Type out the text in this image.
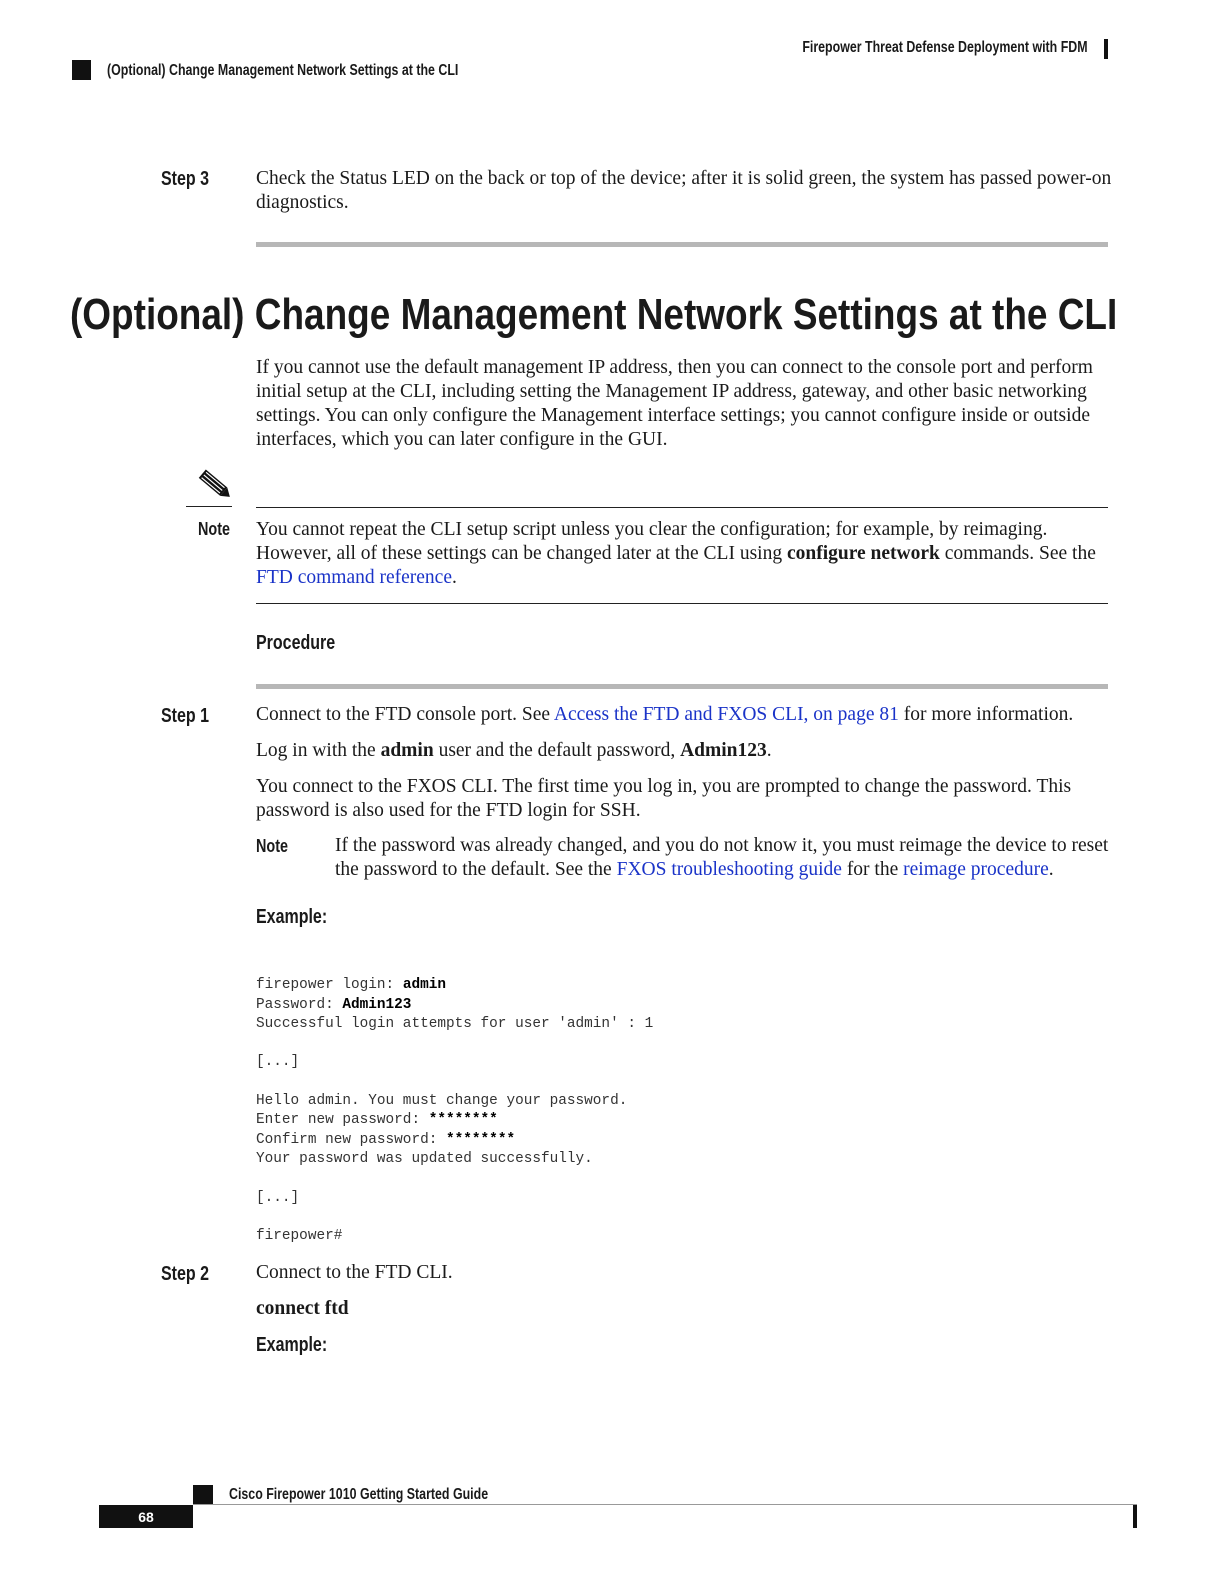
Firepower Threat Defense Deployment with FDM
(Optional) Change Management Network Settings at the CLI
Step 3 Check the Status LED on the back or top of the device; after it is solid green, the system has passed power-on diagnostics.

(Optional) Change Management Network Settings at the CLI

If you cannot use the default management IP address, then you can connect to the console port and perform initial setup at the CLI, including setting the Management IP address, gateway, and other basic networking settings. You can only configure the Management interface settings; you cannot configure inside or outside interfaces, which you can later configure in the GUI.

Note You cannot repeat the CLI setup script unless you clear the configuration; for example, by reimaging. However, all of these settings can be changed later at the CLI using configure network commands. See the FTD command reference.

Procedure
Step 1 Connect to the FTD console port. See Access the FTD and FXOS CLI, on page 81 for more information.

Log in with the admin user and the default password, Admin123.

You connect to the FXOS CLI. The first time you log in, you are prompted to change the password. This password is also used for the FTD login for SSH.

Note If the password was already changed, and you do not know it, you must reimage the device to reset the password to the default. See the FXOS troubleshooting guide for the reimage procedure.

Example:

firepower login: admin
Password: Admin123
Successful login attempts for user 'admin' : 1

[...]

Hello admin. You must change your password.
Enter new password: ********
Confirm new password: ********
Your password was updated successfully.

[...]

firepower#

Step 2 Connect to the FTD CLI.

connect ftd

Example:
Cisco Firepower 1010 Getting Started Guide
68
